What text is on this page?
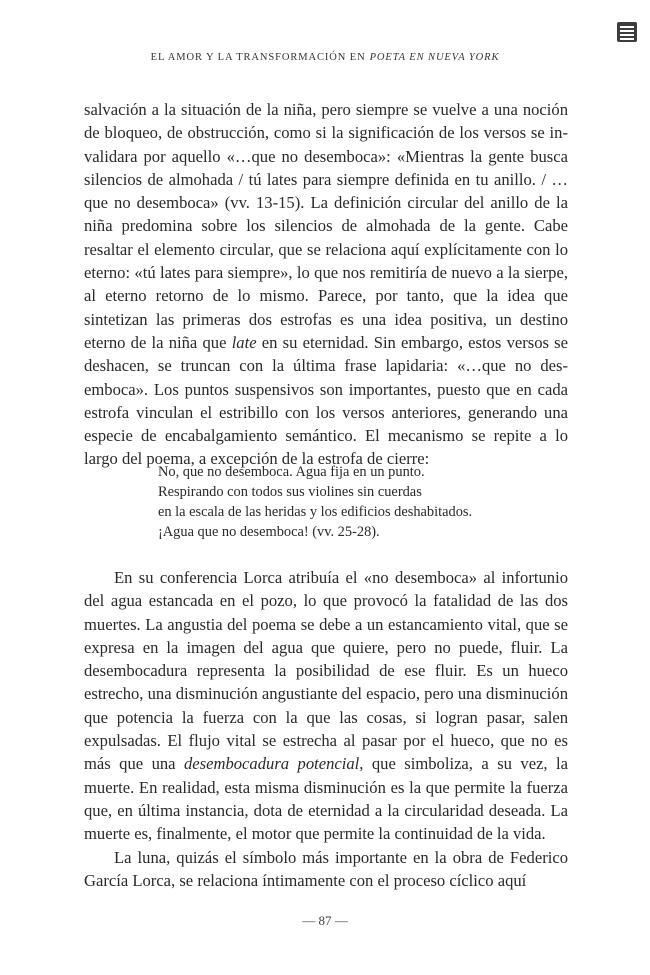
EL AMOR Y LA TRANSFORMACIÓN EN POETA EN NUEVA YORK

salvación a la situación de la niña, pero siempre se vuelve a una noción de bloqueo, de obstrucción, como si la significación de los versos se invalidara por aquello «…que no desemboca»: «Mientras la gente busca silencios de almohada / tú lates para siempre definida en tu anillo. / … que no desemboca» (vv. 13-15). La definición circular del anillo de la niña predomina sobre los silencios de almohada de la gente. Cabe resaltar el elemento circular, que se relaciona aquí explícitamente con lo eterno: «tú lates para siempre», lo que nos remitiría de nuevo a la sierpe, al eterno retorno de lo mismo. Parece, por tanto, que la idea que sintetizan las primeras dos estrofas es una idea positiva, un destino eterno de la niña que late en su eternidad. Sin embargo, estos versos se deshacen, se truncan con la última frase lapidaria: «…que no desemboca». Los puntos suspensivos son importantes, puesto que en cada estrofa vinculan el estribillo con los versos anteriores, generando una especie de encabalgamiento semántico. El mecanismo se repite a lo largo del poema, a excepción de la estrofa de cierre:

No, que no desemboca. Agua fija en un punto.
Respirando con todos sus violines sin cuerdas
en la escala de las heridas y los edificios deshabitados.
¡Agua que no desemboca! (vv. 25-28).

En su conferencia Lorca atribuía el «no desemboca» al infortunio del agua estancada en el pozo, lo que provocó la fatalidad de las dos muertes. La angustia del poema se debe a un estancamiento vital, que se expresa en la imagen del agua que quiere, pero no puede, fluir. La desembocadura representa la posibilidad de ese fluir. Es un hueco estrecho, una disminución angustiante del espacio, pero una disminución que potencia la fuerza con la que las cosas, si logran pasar, salen expulsadas. El flujo vital se estrecha al pasar por el hueco, que no es más que una desembocadura potencial, que simboliza, a su vez, la muerte. En realidad, esta misma disminución es la que permite la fuerza que, en última instancia, dota de eternidad a la circularidad deseada. La muerte es, finalmente, el motor que permite la continuidad de la vida.

La luna, quizás el símbolo más importante en la obra de Federico García Lorca, se relaciona íntimamente con el proceso cíclico aquí

— 87 —
